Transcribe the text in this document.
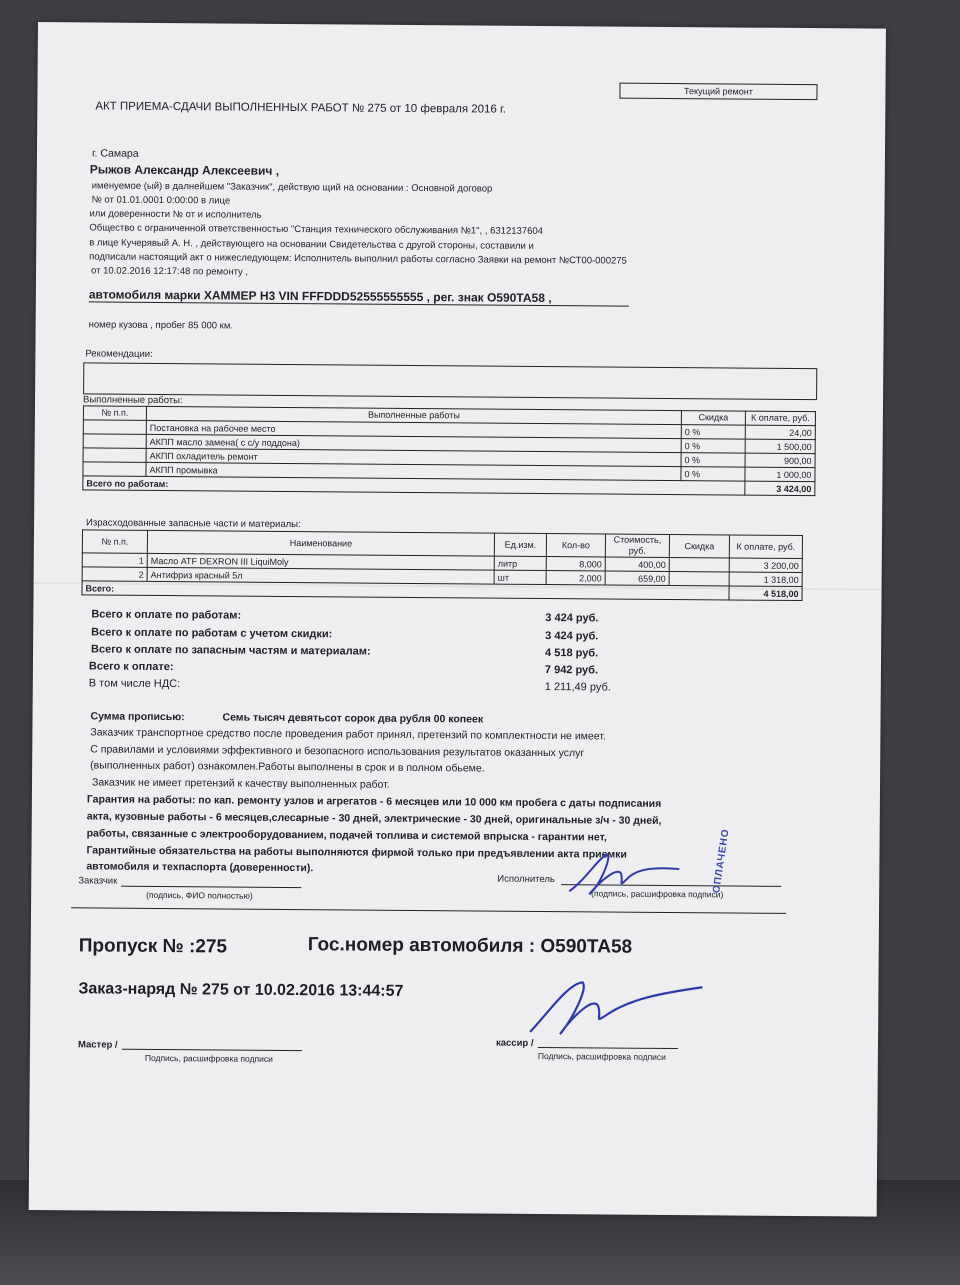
Текущий ремонт
АКТ ПРИЕМА-СДАЧИ ВЫПОЛНЕННЫХ РАБОТ № 275 от 10 февраля 2016 г.
г. Самара
Рыжов Александр Алексеевич ,
именуемое (ый) в далнейшем "Заказчик", действую щий на основании : Основной договор
№ от 01.01.0001 0:00:00 в лице
или доверенности № от и исполнитель
Общество с ограниченной ответственностью "Станция технического обслуживания №1", , 6312137604
в лице Кучерявый А. Н. , действующего на основании Свидетельства с другой стороны, составили и
подписали настоящий акт о нижеследующем: Исполнитель выполнил работы согласно Заявки на ремонт №СТ00-000275
от 10.02.2016 12:17:48 по ремонту ,
автомобиля марки ХАММЕР H3 VIN FFFDDD52555555555 , рег. знак О590ТА58 ,
номер кузова , пробег 85 000 км.
Рекомендации:
Выполненные работы:
№ п.п.	Выполненные работы	Скидка	К оплате, руб.
	Постановка на рабочее место	0 %	24,00
	АКПП масло замена( с с/у поддона)	0 %	1 500,00
	АКПП охладитель ремонт	0 %	900,00
	АКПП промывка	0 %	1 000,00
Всего по работам:			3 424,00
Израсходованные запасные части и материалы:
№ п.п.	Наименование	Ед.изм.	Кол-во	Стоимость, руб.	Скидка	К оплате, руб.
1	Масло ATF DEXRON III LiquiMoly	литр	8,000	400,00		3 200,00
2	Антифриз красный 5л	шт	2,000	659,00		1 318,00
Всего:						4 518,00
Всего к оплате по работам:	3 424 руб.
Всего к оплате по работам с учетом скидки:	3 424 руб.
Всего к оплате по запасным частям и материалам:	4 518 руб.
Всего к оплате:	7 942 руб.
В том числе НДС:	1 211,49 руб.
Сумма прописью:	Семь тысяч девятьсот сорок два рубля 00 копеек
Заказчик транспортное средство после проведения работ принял, претензий по комплектности не имеет.
С правилами и условиями эффективного и безопасного использования результатов оказанных услуг
(выполненных работ) ознакомлен.Работы выполнены в срок и в полном обьеме.
Заказчик не имеет претензий к качеству выполненных работ.
Гарантия на работы: по кап. ремонту узлов и агрегатов - 6 месяцев или 10 000 км пробега с даты подписания
акта, кузовные работы - 6 месяцев,слесарные - 30 дней, электрические - 30 дней, оригинальные з/ч - 30 дней,
работы, связанные с электрооборудованием, подачей топлива и системой впрыска - гарантии нет,
Гарантийные обязательства на работы выполняются фирмой только при предъявлении акта приемки
автомобиля и техпаспорта (доверенности).
Заказчик
(подпись, ФИО полностью)
Исполнитель
(подпись, расшифровка подписи)
ОПЛАЧЕНО
Пропуск № :275	Гос.номер автомобиля : О590ТА58
Заказ-наряд № 275 от 10.02.2016 13:44:57
Мастер /
Подпись, расшифровка подписи
кассир /
Подпись, расшифровка подписи
